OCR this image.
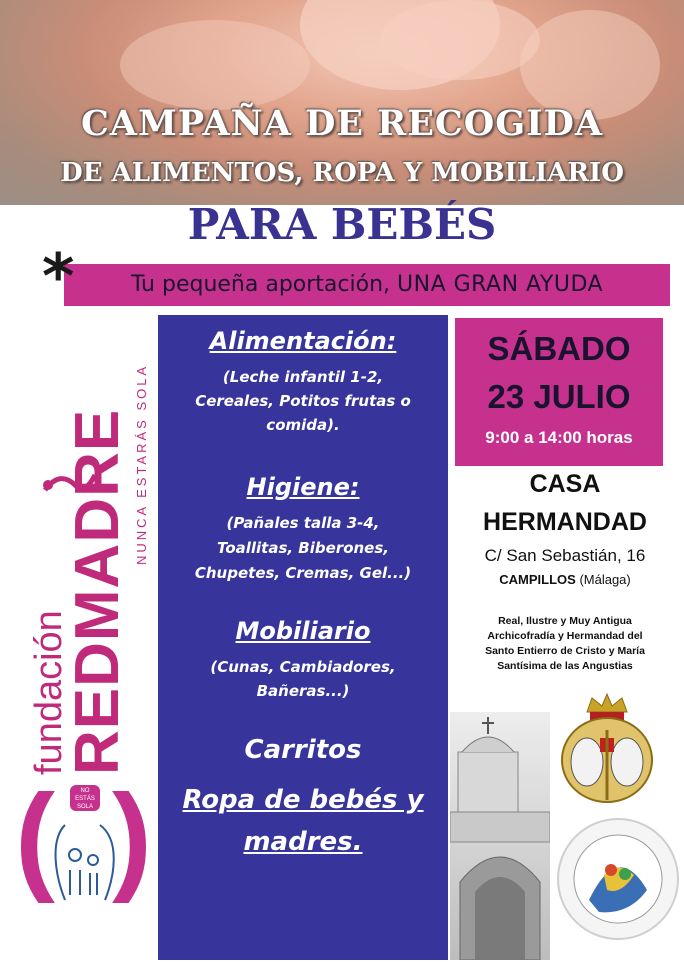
CAMPAÑA DE RECOGIDA
DE ALIMENTOS, ROPA Y MOBILIARIO
PARA BEBÉS
Tu pequeña aportación, UNA GRAN AYUDA
*
fundación
REDMADRE NUNCA ESTARÁS SOLA
( )
NO ESTÁS SOLA
Alimentación:
(Leche infantil 1-2,
Cereales, Potitos frutas o
comida).
Higiene:
(Pañales talla 3-4,
Toallitas, Biberones,
Chupetes, Cremas, Gel...)
Mobiliario
(Cunas, Cambiadores,
Bañeras...)
Carritos
Ropa de bebés y
madres.
SÁBADO
23 JULIO
9:00 a 14:00 horas
CASA
HERMANDAD
C/ San Sebastián, 16
CAMPILLOS (Málaga)
Real, Ilustre y Muy Antigua
Archicofradía y Hermandad del
Santo Entierro de Cristo y María
Santísima de las Angustias
